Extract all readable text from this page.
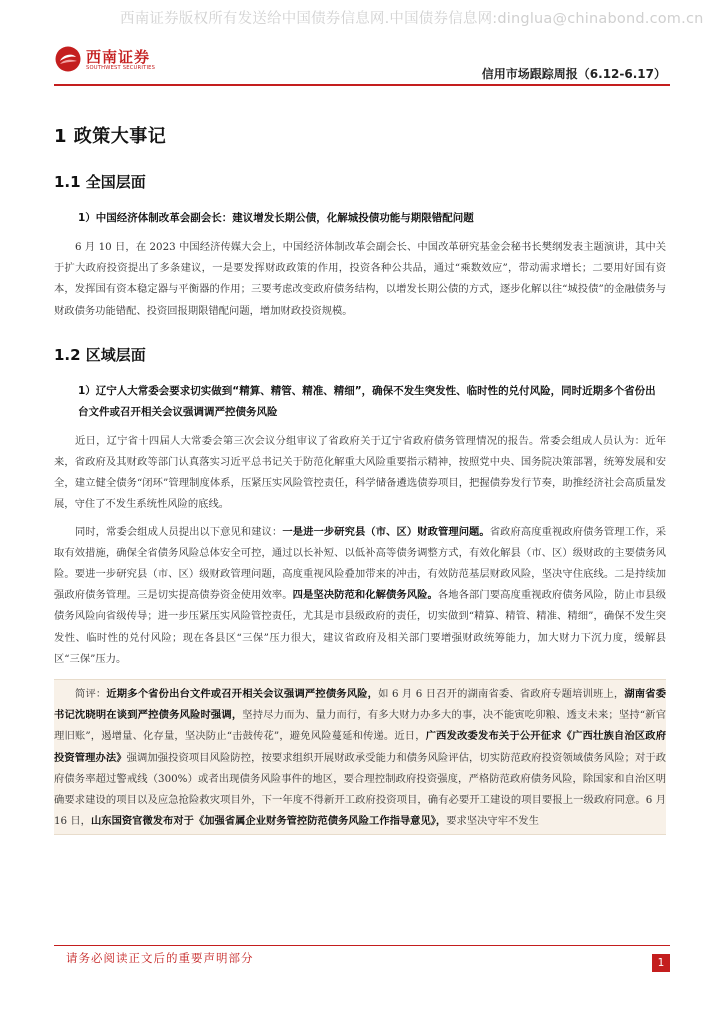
西南证券版权所有发送给中国债券信息网.中国债券信息网:dinglua@chinabond.com.cn
西南证券
SOUTHWEST SECURITIES	信用市场跟踪周报（6.12-6.17）
1 政策大事记
1.1 全国层面
1）中国经济体制改革会副会长：建议增发长期公债，化解城投债功能与期限错配问题

6 月 10 日，在 2023 中国经济传媒大会上，中国经济体制改革会副会长、中国改革研究基金会秘书长樊纲发表主题演讲，其中关于扩大政府投资提出了多条建议，一是要发挥财政政策的作用，投资各种公共品，通过“乘数效应”，带动需求增长；二要用好国有资本，发挥国有资本稳定器与平衡器的作用；三要考虑改变政府债务结构，以增发长期公债的方式，逐步化解以往“城投债”的金融债务与财政债务功能错配、投资回报期限错配问题，增加财政投资规模。

1.2 区域层面
1）辽宁人大常委会要求切实做到“精算、精管、精准、精细”，确保不发生突发性、临时性的兑付风险，同时近期多个省份出台文件或召开相关会议强调调严控债务风险

近日，辽宁省十四届人大常委会第三次会议分组审议了省政府关于辽宁省政府债务管理情况的报告。常委会组成人员认为：近年来，省政府及其财政等部门认真落实习近平总书记关于防范化解重大风险重要指示精神，按照党中央、国务院决策部署，统筹发展和安全，建立健全债务“闭环”管理制度体系，压紧压实风险管控责任，科学储备遴选债券项目，把握债券发行节奏，助推经济社会高质量发展，守住了不发生系统性风险的底线。

同时，常委会组成人员提出以下意见和建议：一是进一步研究县（市、区）财政管理问题。省政府高度重视政府债务管理工作，采取有效措施，确保全省债务风险总体安全可控，通过以长补短、以低补高等债务调整方式，有效化解县（市、区）级财政的主要债务风险。要进一步研究县（市、区）级财政管理问题，高度重视风险叠加带来的冲击，有效防范基层财政风险，坚决守住底线。二是持续加强政府债务管理。三是切实提高债券资金使用效率。四是坚决防范和化解债务风险。各地各部门要高度重视政府债务风险，防止市县级债务风险向省级传导；进一步压紧压实风险管控责任，尤其是市县级政府的责任，切实做到“精算、精管、精准、精细”，确保不发生突发性、临时性的兑付风险；现在各县区“三保”压力很大，建议省政府及相关部门要增强财政统筹能力，加大财力下沉力度，缓解县区“三保”压力。

简评：近期多个省份出台文件或召开相关会议强调严控债务风险，如 6 月 6 日召开的湖南省委、省政府专题培训班上，湖南省委书记沈晓明在谈到严控债务风险时强调，坚持尽力而为、量力而行，有多大财力办多大的事，决不能寅吃卯粮、透支未来；坚持“新官理旧账”，遏增量、化存量，坚决防止“击鼓传花”，避免风险蔓延和传递。近日，广西发改委发布关于公开征求《广西壮族自治区政府投资管理办法》强调加强投资项目风险防控，按要求组织开展财政承受能力和债务风险评估，切实防范政府投资领域债务风险；对于政府债务率超过警戒线（300%）或者出现债务风险事件的地区，要合理控制政府投资强度，严格防范政府债务风险，除国家和自治区明确要求建设的项目以及应急抢险救灾项目外，下一年度不得新开工政府投资项目，确有必要开工建设的项目要报上一级政府同意。6 月 16 日，山东国资官微发布对于《加强省属企业财务管控防范债务风险工作指导意见》，要求坚决守牢不发生

请务必阅读正文后的重要声明部分	1
